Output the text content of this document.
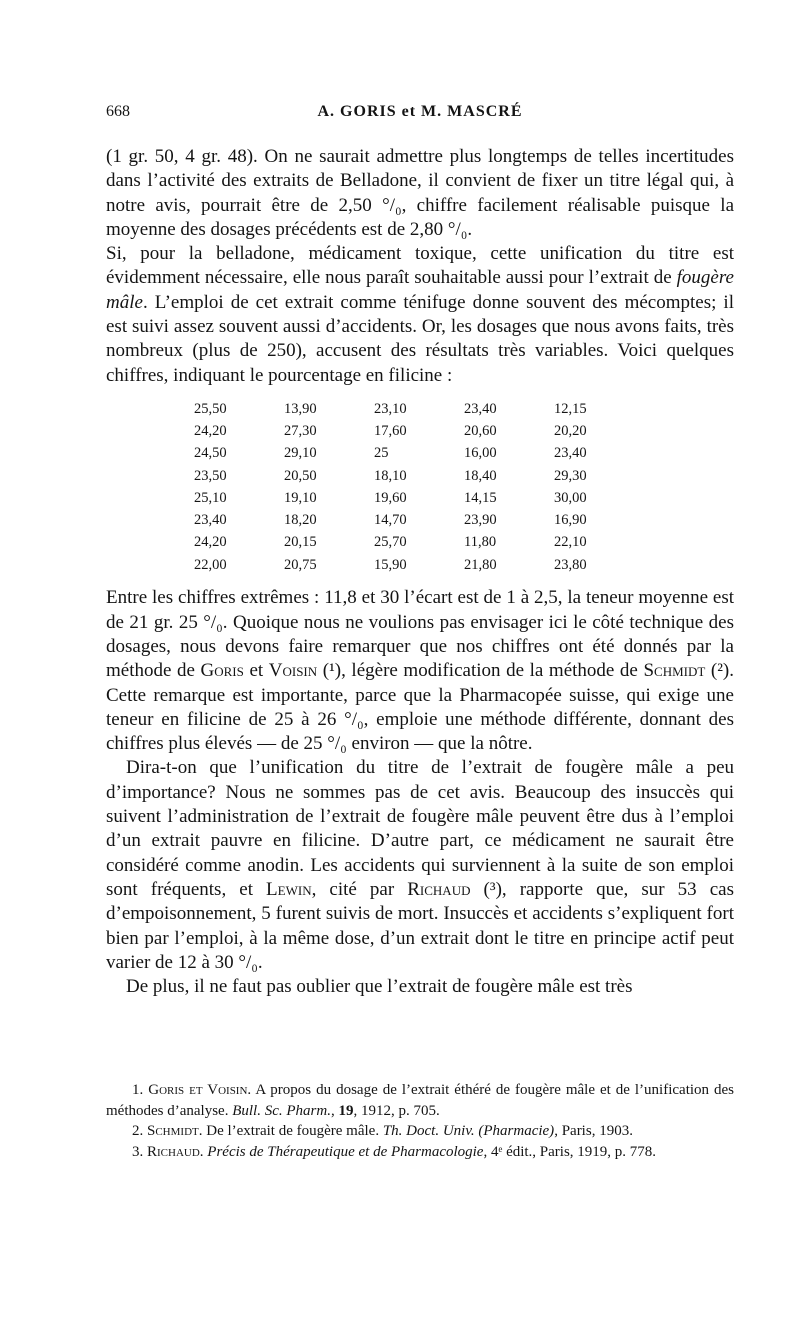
668	A. GORIS et M. MASCRÉ

(1 gr. 50, 4 gr. 48). On ne saurait admettre plus longtemps de telles incertitudes dans l’activité des extraits de Belladone, il convient de fixer un titre légal qui, à notre avis, pourrait être de 2,50 °/₀, chiffre facilement réalisable puisque la moyenne des dosages précédents est de 2,80 °/₀.

Si, pour la belladone, médicament toxique, cette unification du titre est évidemment nécessaire, elle nous paraît souhaitable aussi pour l’extrait de fougère mâle. L’emploi de cet extrait comme ténifuge donne souvent des mécomptes; il est suivi assez souvent aussi d’accidents. Or, les dosages que nous avons faits, très nombreux (plus de 250), accusent des résultats très variables. Voici quelques chiffres, indiquant le pourcentage en filicine :

25,50	13,90	23,10	23,40	12,15
24,20	27,30	17,60	20,60	20,20
24,50	29,10	25	16,00	23,40
23,50	20,50	18,10	18,40	29,30
25,10	19,10	19,60	14,15	30,00
23,40	18,20	14,70	23,90	16,90
24,20	20,15	25,70	11,80	22,10
22,00	20,75	15,90	21,80	23,80

Entre les chiffres extrêmes : 11,8 et 30 l’écart est de 1 à 2,5, la teneur moyenne est de 21 gr. 25 °/₀. Quoique nous ne voulions pas envisager ici le côté technique des dosages, nous devons faire remarquer que nos chiffres ont été donnés par la méthode de Goris et Voisin (¹), légère modification de la méthode de Schmidt (²). Cette remarque est importante, parce que la Pharmacopée suisse, qui exige une teneur en filicine de 25 à 26 °/₀, emploie une méthode différente, donnant des chiffres plus élevés — de 25 °/₀ environ — que la nôtre.

Dira-t-on que l’unification du titre de l’extrait de fougère mâle a peu d’importance? Nous ne sommes pas de cet avis. Beaucoup des insuccès qui suivent l’administration de l’extrait de fougère mâle peuvent être dus à l’emploi d’un extrait pauvre en filicine. D’autre part, ce médicament ne saurait être considéré comme anodin. Les accidents qui surviennent à la suite de son emploi sont fréquents, et Lewin, cité par Richaud (³), rapporte que, sur 53 cas d’empoisonnement, 5 furent suivis de mort. Insuccès et accidents s’expliquent fort bien par l’emploi, à la même dose, d’un extrait dont le titre en principe actif peut varier de 12 à 30 °/₀.

De plus, il ne faut pas oublier que l’extrait de fougère mâle est très

1. Goris et Voisin. A propos du dosage de l’extrait éthéré de fougère mâle et de l’unification des méthodes d’analyse. Bull. Sc. Pharm., 19, 1912, p. 705.

2. Schmidt. De l’extrait de fougère mâle. Th. Doct. Univ. (Pharmacie), Paris, 1903.

3. Richaud. Précis de Thérapeutique et de Pharmacologie, 4ᵉ édit., Paris, 1919, p. 778.
